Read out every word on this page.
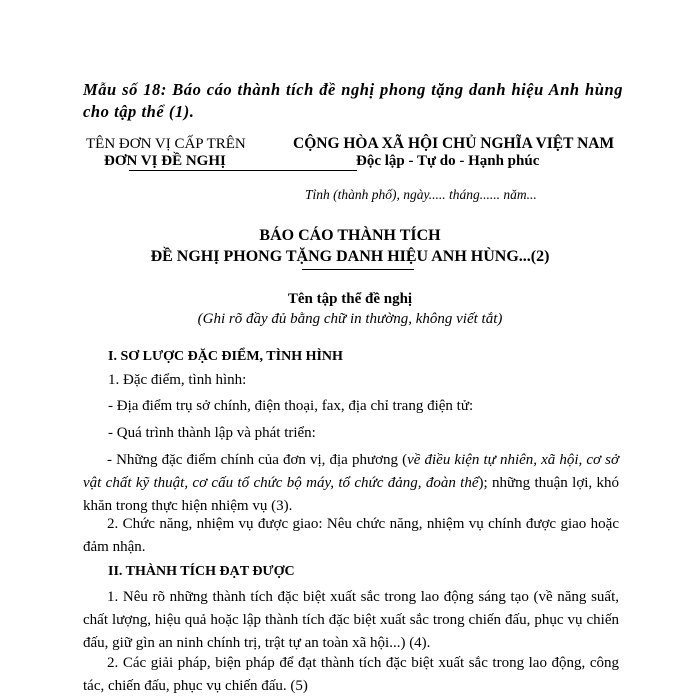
Mẫu số 18: Báo cáo thành tích đề nghị phong tặng danh hiệu Anh hùng cho tập thể (1).
TÊN ĐƠN VỊ CẤP TRÊN
ĐƠN VỊ ĐỀ NGHỊ
CỘNG HÒA XÃ HỘI CHỦ NGHĨA VIỆT NAM
Độc lập - Tự do - Hạnh phúc
Tỉnh (thành phố), ngày..... tháng...... năm...
BÁO CÁO THÀNH TÍCH
ĐỀ NGHỊ PHONG TẶNG DANH HIỆU ANH HÙNG...(2)
Tên tập thể đề nghị
(Ghi rõ đầy đủ bằng chữ in thường, không viết tắt)
I. SƠ LƯỢC ĐẶC ĐIỂM, TÌNH HÌNH
1. Đặc điểm, tình hình:
- Địa điểm trụ sở chính, điện thoại, fax, địa chỉ trang điện tử:
- Quá trình thành lập và phát triển:
- Những đặc điểm chính của đơn vị, địa phương (về điều kiện tự nhiên, xã hội, cơ sở vật chất kỹ thuật, cơ cấu tổ chức bộ máy, tổ chức đảng, đoàn thể); những thuận lợi, khó khăn trong thực hiện nhiệm vụ (3).
2. Chức năng, nhiệm vụ được giao: Nêu chức năng, nhiệm vụ chính được giao hoặc đảm nhận.
II. THÀNH TÍCH ĐẠT ĐƯỢC
1. Nêu rõ những thành tích đặc biệt xuất sắc trong lao động sáng tạo (về năng suất, chất lượng, hiệu quả hoặc lập thành tích đặc biệt xuất sắc trong chiến đấu, phục vụ chiến đấu, giữ gìn an ninh chính trị, trật tự an toàn xã hội...) (4).
2. Các giải pháp, biện pháp để đạt thành tích đặc biệt xuất sắc trong lao động, công tác, chiến đấu, phục vụ chiến đấu. (5)
